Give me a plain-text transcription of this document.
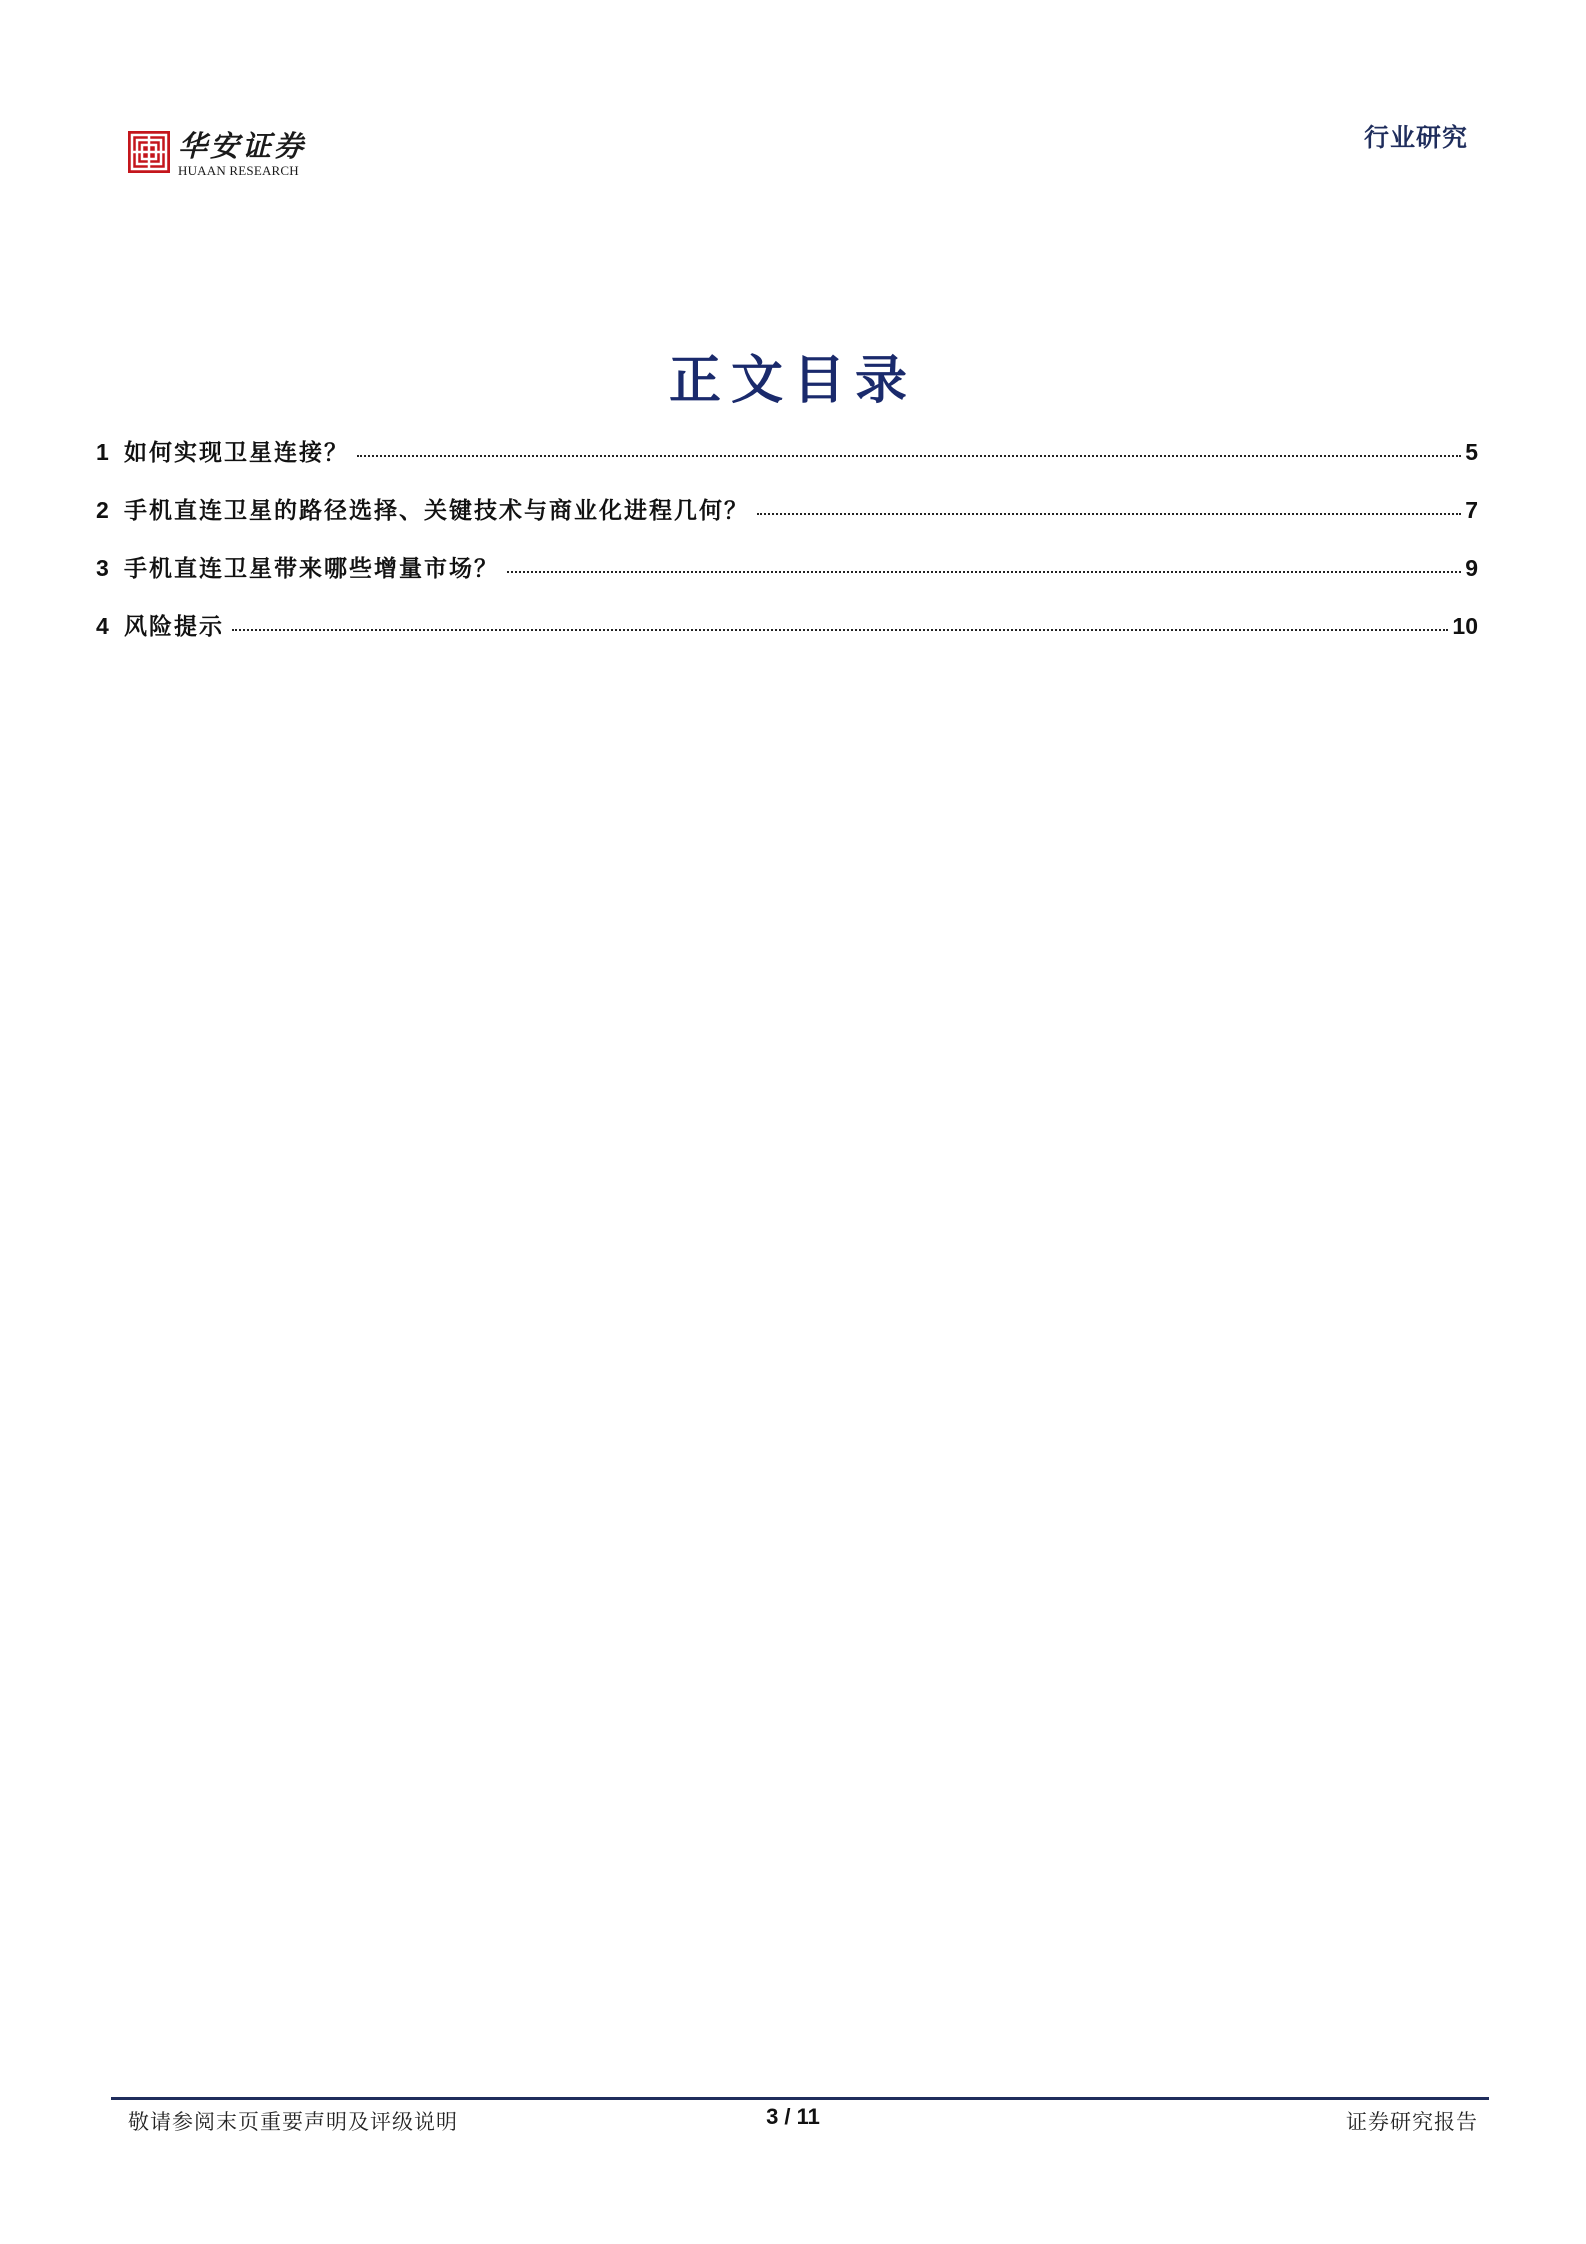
华安证券
HUAAN RESEARCH
行业研究
正文目录
1 如何实现卫星连接？	5
2 手机直连卫星的路径选择、关键技术与商业化进程几何？	7
3 手机直连卫星带来哪些增量市场？	9
4 风险提示	10
敬请参阅末页重要声明及评级说明	3 / 11	证券研究报告
